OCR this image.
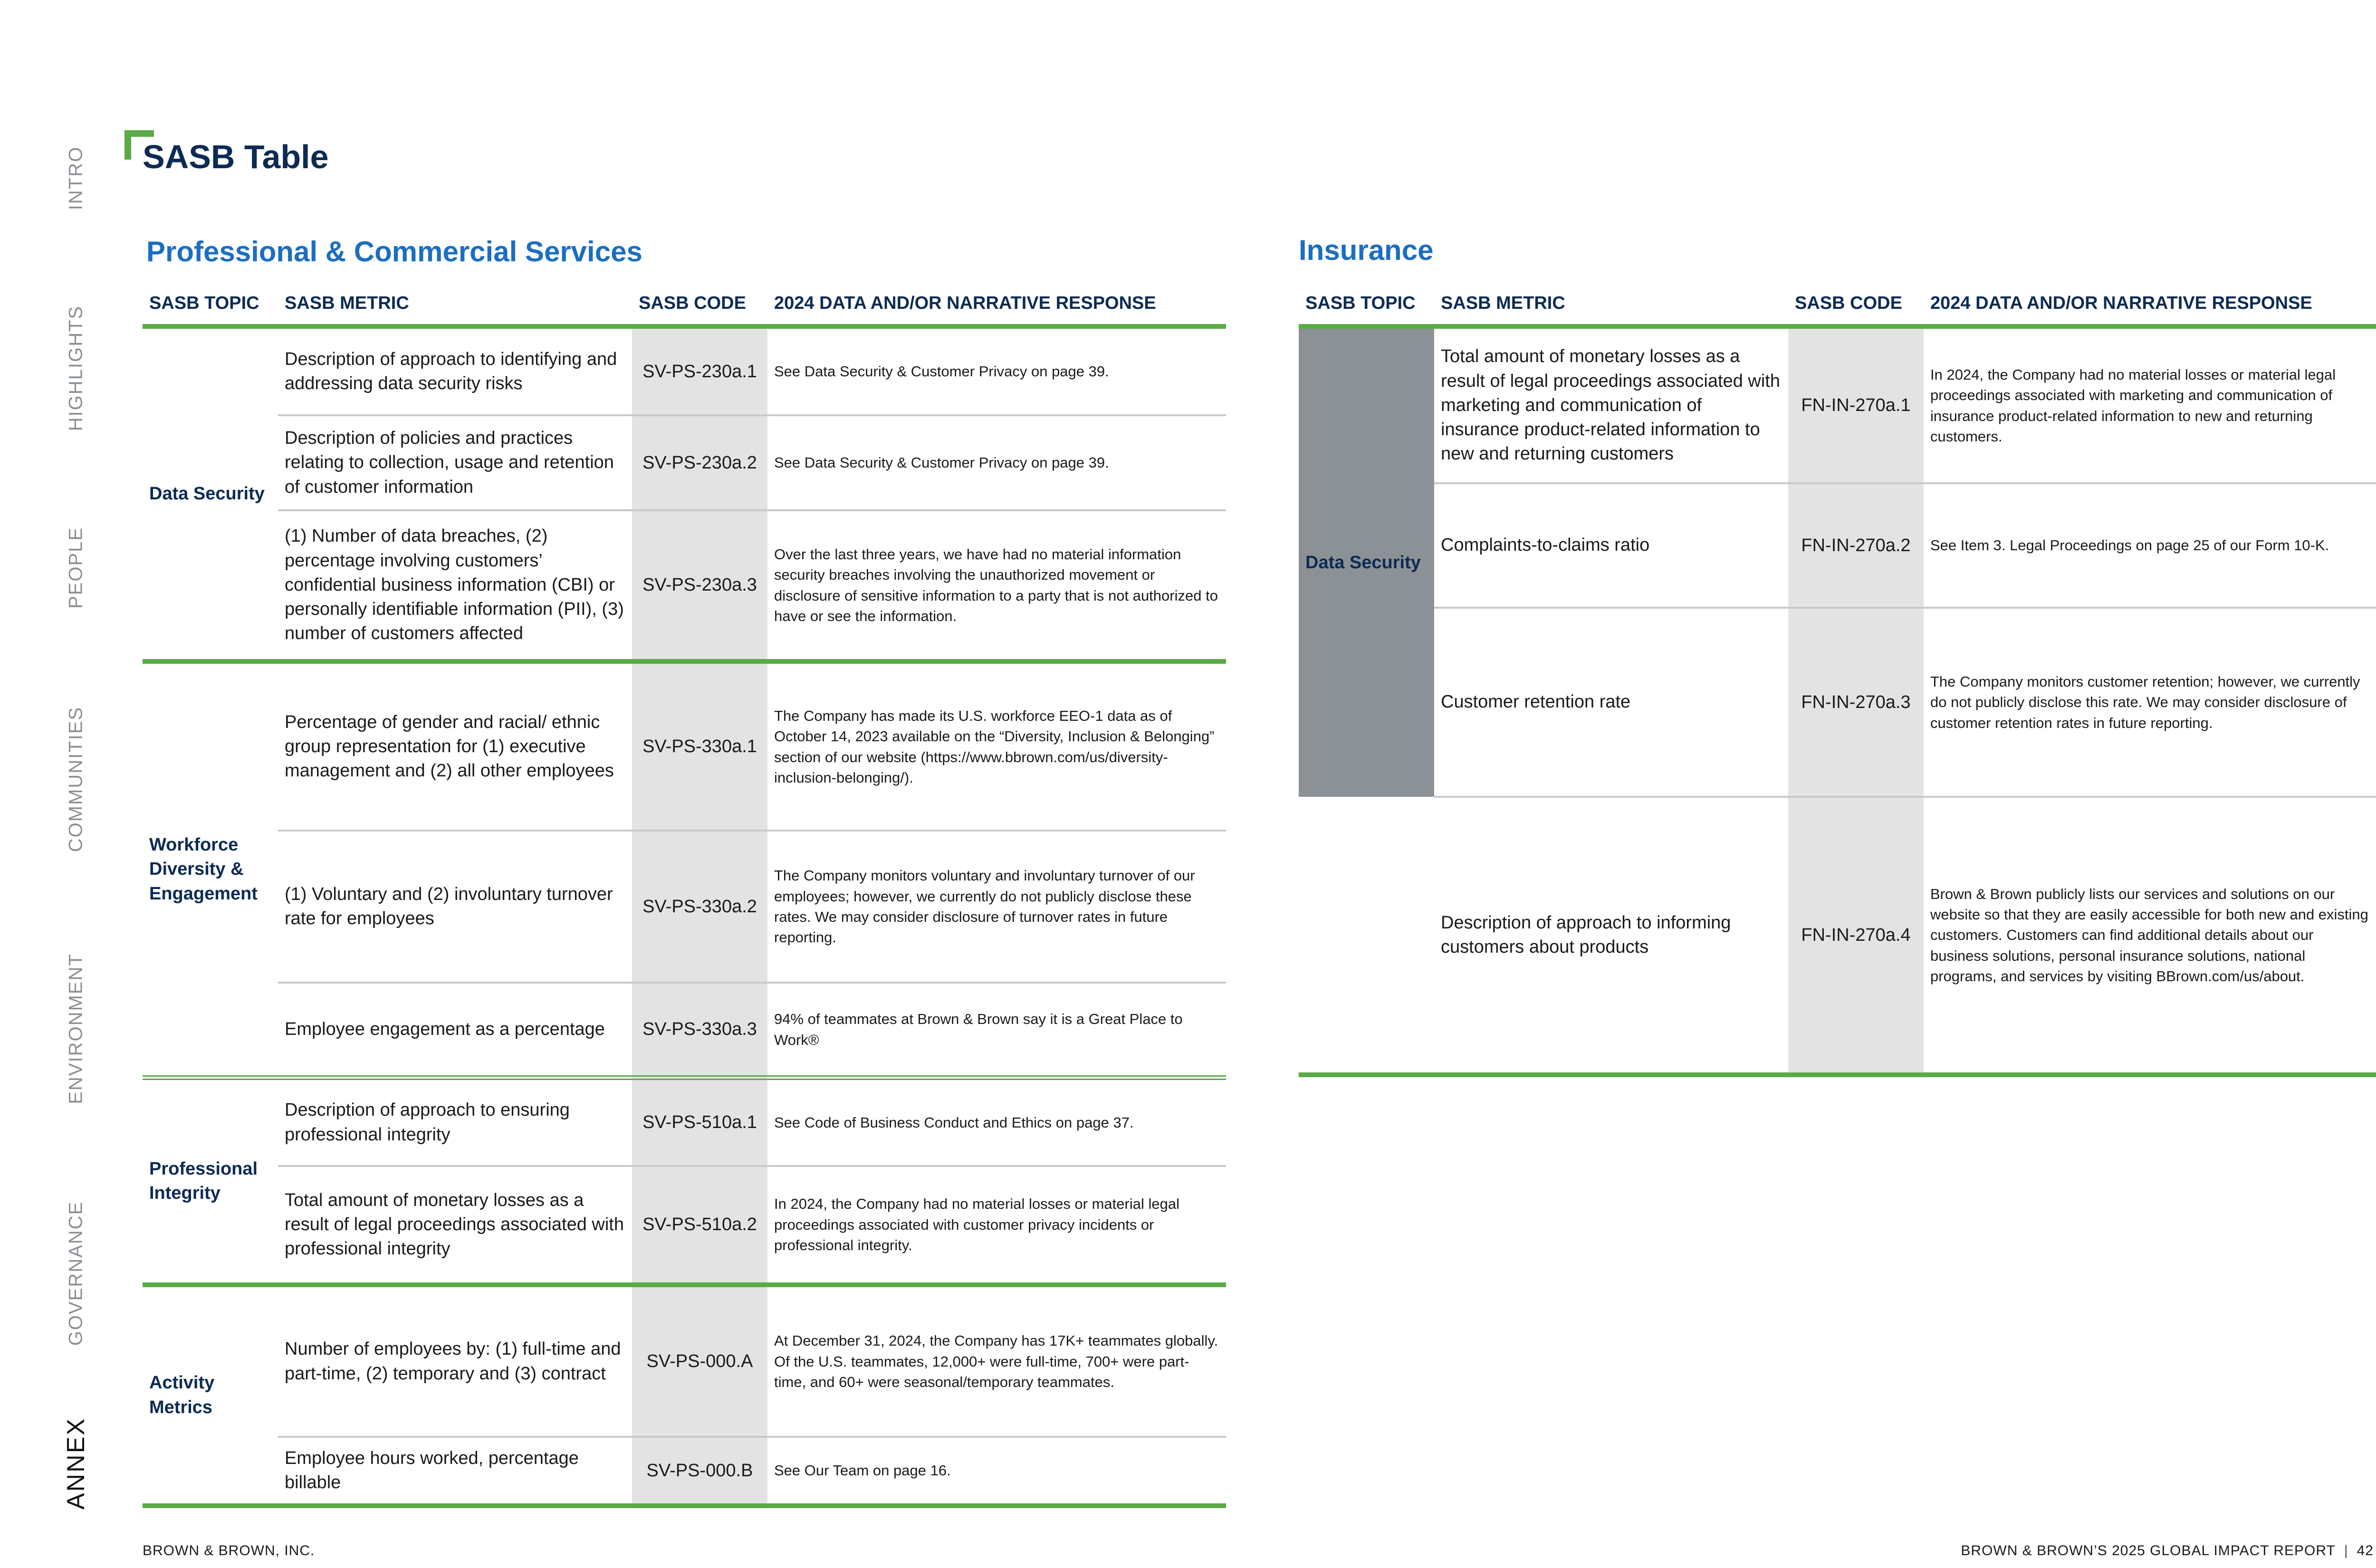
INTRO
HIGHLIGHTS
PEOPLE
COMMUNITIES
ENVIRONMENT
GOVERNANCE
ANNEX
SASB Table
Professional & Commercial Services	Insurance
SASB TOPIC	SASB METRIC	SASB CODE	2024 DATA AND/OR NARRATIVE RESPONSE
Data Security	Description of approach to identifying and addressing data security risks	SV-PS-230a.1	See Data Security & Customer Privacy on page 39.
	Description of policies and practices relating to collection, usage and retention of customer information	SV-PS-230a.2	See Data Security & Customer Privacy on page 39.
	(1) Number of data breaches, (2) percentage involving customers’ confidential business information (CBI) or personally identifiable information (PII), (3) number of customers affected	SV-PS-230a.3	Over the last three years, we have had no material information security breaches involving the unauthorized movement or disclosure of sensitive information to a party that is not authorized to have or see the information.
Workforce Diversity & Engagement	Percentage of gender and racial/ ethnic group representation for (1) executive management and (2) all other employees	SV-PS-330a.1	The Company has made its U.S. workforce EEO-1 data as of October 14, 2023 available on the “Diversity, Inclusion & Belonging” section of our website (https://www.bbrown.com/us/diversity-inclusion-belonging/).
	(1) Voluntary and (2) involuntary turnover rate for employees	SV-PS-330a.2	The Company monitors voluntary and involuntary turnover of our employees; however, we currently do not publicly disclose these rates. We may consider disclosure of turnover rates in future reporting.
	Employee engagement as a percentage	SV-PS-330a.3	94% of teammates at Brown & Brown say it is a Great Place to Work®
Professional Integrity	Description of approach to ensuring professional integrity	SV-PS-510a.1	See Code of Business Conduct and Ethics on page 37.
	Total amount of monetary losses as a result of legal proceedings associated with professional integrity	SV-PS-510a.2	In 2024, the Company had no material losses or material legal proceedings associated with customer privacy incidents or professional integrity.
Activity Metrics	Number of employees by: (1) full-time and part-time, (2) temporary and (3) contract	SV-PS-000.A	At December 31, 2024, the Company has 17K+ teammates globally. Of the U.S. teammates, 12,000+ were full-time, 700+ were part-time, and 60+ were seasonal/temporary teammates.
	Employee hours worked, percentage billable	SV-PS-000.B	See Our Team on page 16.
SASB TOPIC	SASB METRIC	SASB CODE	2024 DATA AND/OR NARRATIVE RESPONSE
Data Security	Total amount of monetary losses as a result of legal proceedings associated with marketing and communication of insurance product-related information to new and returning customers	FN-IN-270a.1	In 2024, the Company had no material losses or material legal proceedings associated with marketing and communication of insurance product-related information to new and returning customers.
	Complaints-to-claims ratio	FN-IN-270a.2	See Item 3. Legal Proceedings on page 25 of our Form 10-K.
	Customer retention rate	FN-IN-270a.3	The Company monitors customer retention; however, we currently do not publicly disclose this rate. We may consider disclosure of customer retention rates in future reporting.
	Description of approach to informing customers about products	FN-IN-270a.4	Brown & Brown publicly lists our services and solutions on our website so that they are easily accessible for both new and existing customers. Customers can find additional details about our business solutions, personal insurance solutions, national programs, and services by visiting BBrown.com/us/about.
BROWN & BROWN, INC.	BROWN & BROWN’S 2025 GLOBAL IMPACT REPORT | 42
